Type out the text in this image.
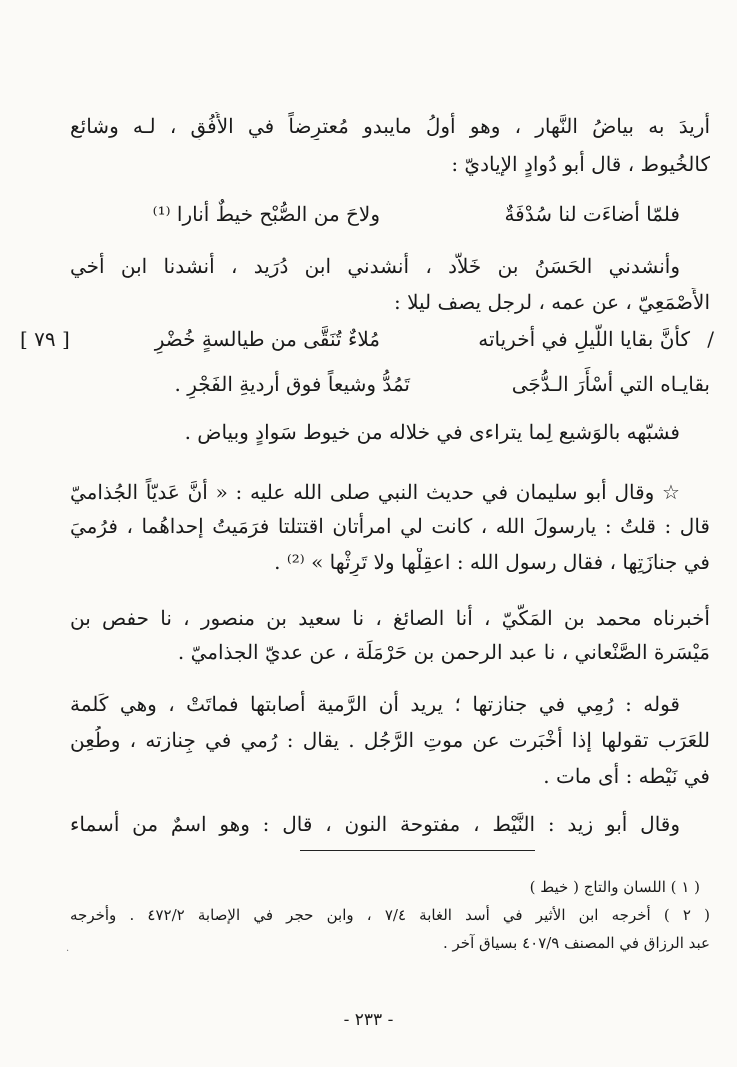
أُريدَ به بياضُ النَّهار ، وهو أولُ مايبدو مُعترِضاً في الأُفُقِ ، لـه وشائع
كالخُيوط ، قال أبو دُوادٍ الإياديّ :
فلمّا أضاءَت لنا سُدْفَةٌ
ولاحَ من الصُّبْح خيطٌ أنارا ⁽¹⁾
وأنشدني الحَسَنُ بن خَلاَّد ، أنشدني ابن دُرَيد ، أنشدنا ابن أخي
الأَصْمَعِيّ ، عن عمه ، لرجل يصف ليلا :
/
كأنَّ بقايا اللّيلِ في أخرياته
مُلاءٌ تُنَقَّى من طيالسةٍ خُضْرِ
[ ٧٩ ]
بقايـاه التي أسْأَرَ الـدُّجَى
تَمُدُّ وشيعاً فوق أرديةِ الفَجْرِ .
فشبّهه بالوَشيع لِما يتراءى في خلاله من خيوط سَوادٍ وبياض .
☆ وقال أبو سليمان في حديث النبي صلى الله عليه : « أنَّ عَديّاً الجُذاميّ
قال : قلتُ : يارسولَ الله ، كانت لي امرأتان اقتتلتا فرَمَيتُ إحداهُما ، فرُميَ
في جنازَتِها ، فقال رسول الله : اعقِلْها ولا تَرِثْها » ⁽²⁾ .
أخبرناه محمد بن المَكّيّ ، أنا الصائغ ، نا سعيد بن منصور ، نا حفص بن
مَيْسَرة الصَّنْعاني ، نا عبد الرحمن بن حَرْمَلَة ، عن عديّ الجذاميّ .
قوله : رُمِي في جنازتها ؛ يريد أن الرَّمية أصابتها فماتَتْ ، وهي كَلمة
للعَرَب تقولها إذا أَخْبَرت عن موتِ الرَّجُل . يقال : رُمي في جِنازته ، وطُعِن
في نَيْطه : أى مات .
وقال أبو زيد : النَّيْط ، مفتوحة النون ، قال : وهو اسمٌ من أسماء
( ١ ) اللسان والتاج ( خيط )
( ٢ ) أخرجه ابن الأثير في أسد الغابة ٧/٤ ، وابن حجر في الإصابة ٤٧٢/٢ . وأخرجه
عبد الرزاق في المصنف ٤٠٧/٩ بسياق آخر .
·
- ٢٣٣ -
